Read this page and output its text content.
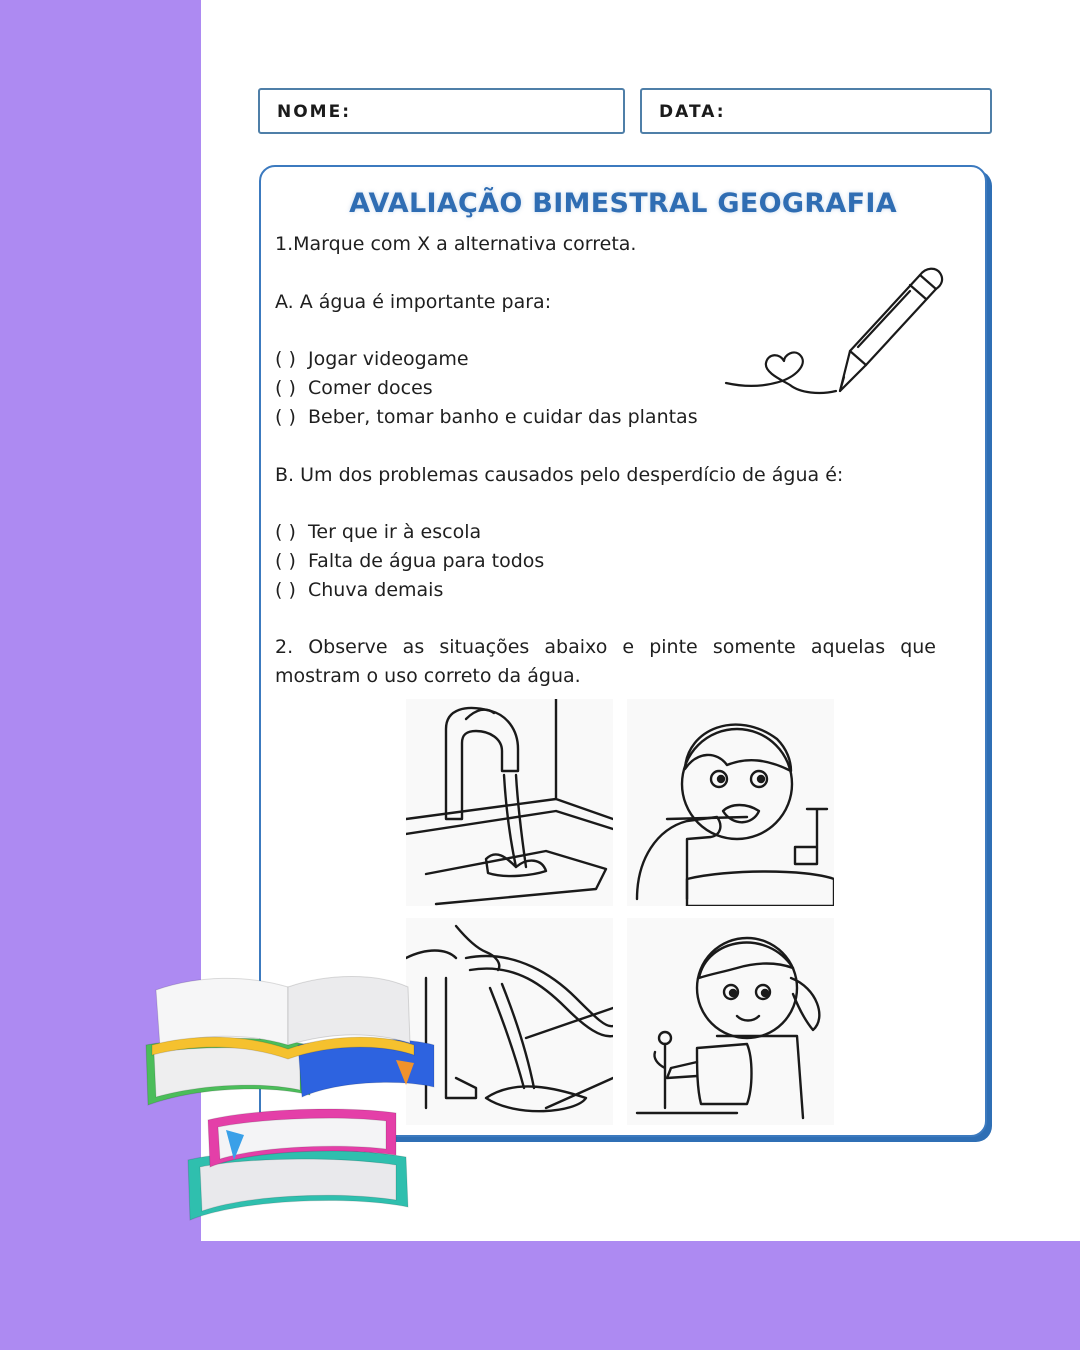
NOME:	DATA:
AVALIAÇÃO BIMESTRAL GEOGRAFIA
1.Marque com X a alternativa correta.
A. A água é importante para:
( ) Jogar videogame
( ) Comer doces
( ) Beber, tomar banho e cuidar das plantas
B. Um dos problemas causados pelo desperdício de água é:
( ) Ter que ir à escola
( ) Falta de água para todos
( ) Chuva demais
2. Observe as situações abaixo e pinte somente aquelas que
mostram o uso correto da água.
